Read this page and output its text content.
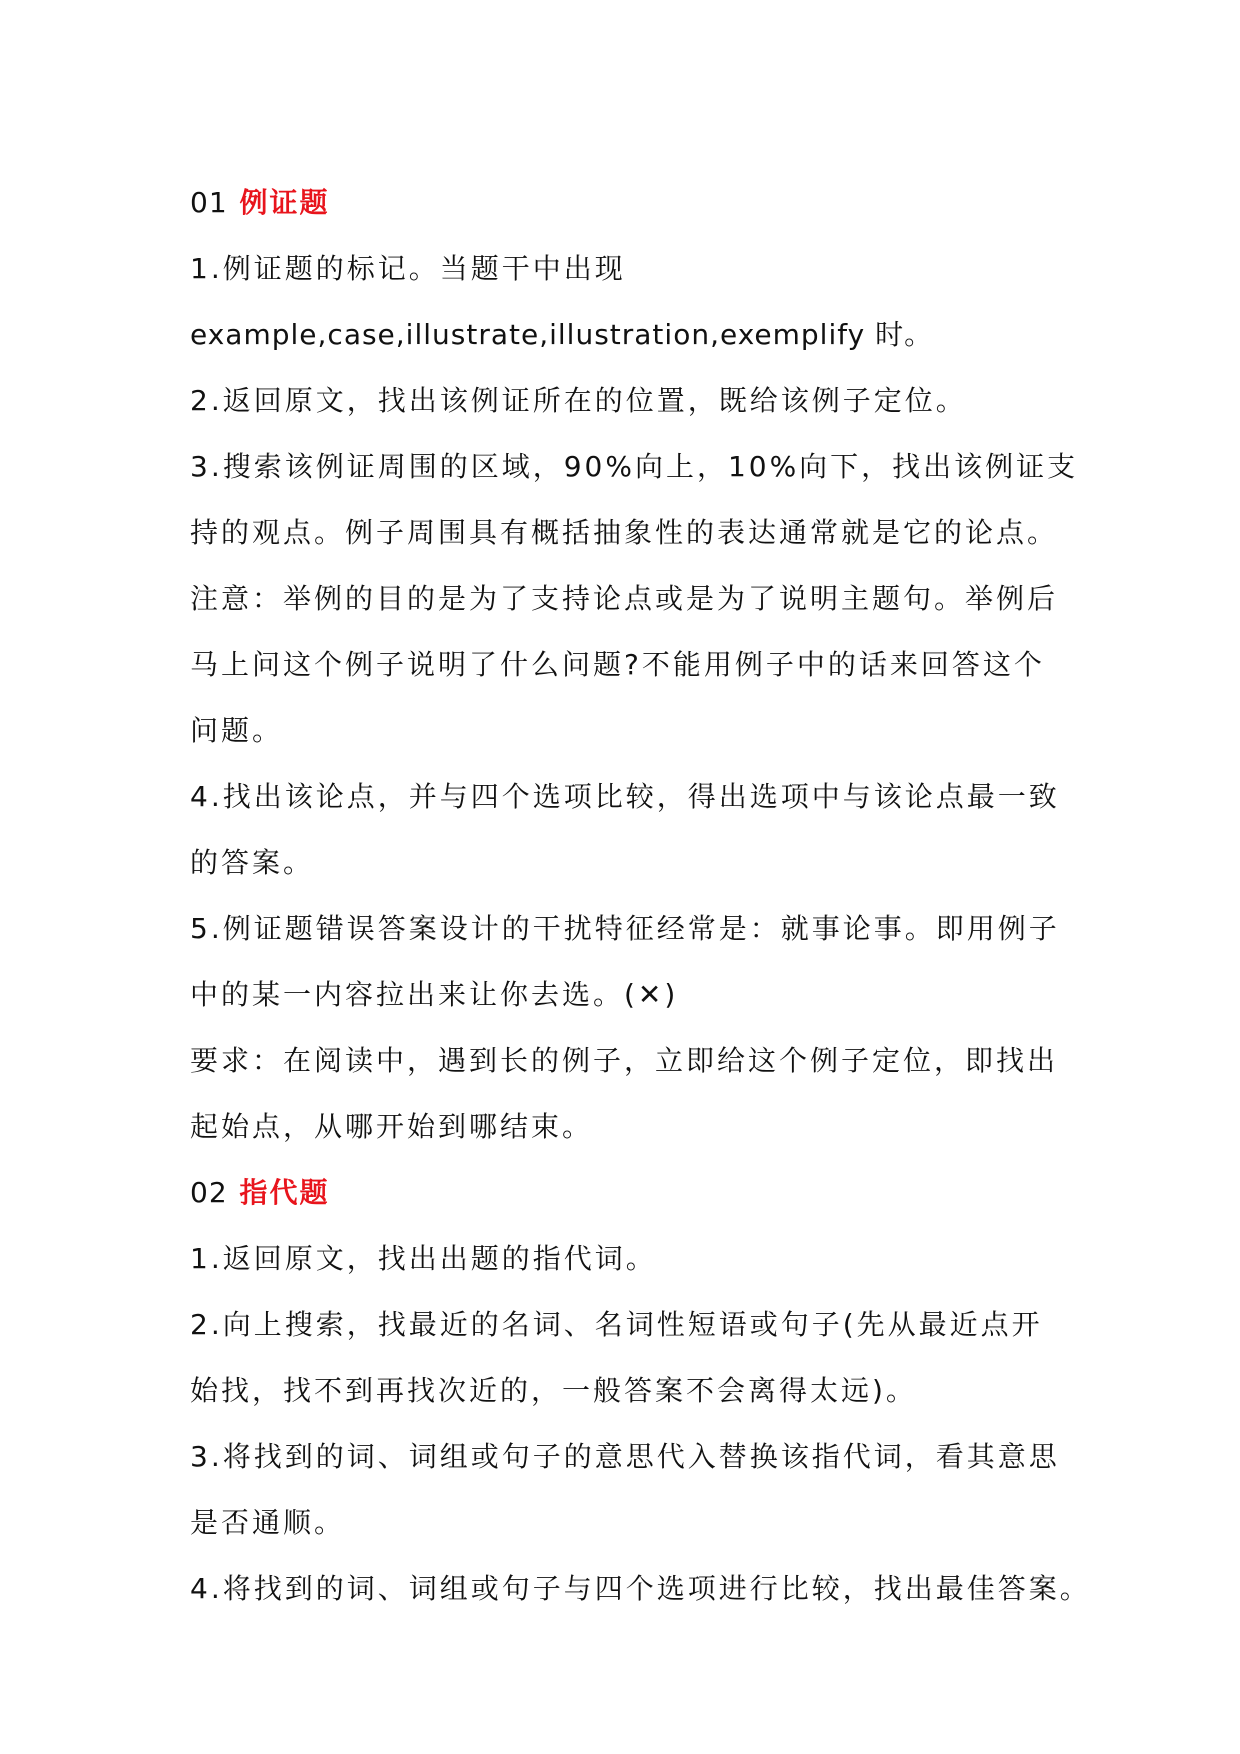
01 例证题
1.例证题的标记。当题干中出现
example,case,illustrate,illustration,exemplify 时。
2.返回原文，找出该例证所在的位置，既给该例子定位。
3.搜索该例证周围的区域，90%向上，10%向下，找出该例证支
持的观点。例子周围具有概括抽象性的表达通常就是它的论点。
注意：举例的目的是为了支持论点或是为了说明主题句。举例后
马上问这个例子说明了什么问题?不能用例子中的话来回答这个
问题。
4.找出该论点，并与四个选项比较，得出选项中与该论点最一致
的答案。
5.例证题错误答案设计的干扰特征经常是：就事论事。即用例子
中的某一内容拉出来让你去选。(✕)
要求：在阅读中，遇到长的例子，立即给这个例子定位，即找出
起始点，从哪开始到哪结束。
02 指代题
1.返回原文，找出出题的指代词。
2.向上搜索，找最近的名词、名词性短语或句子(先从最近点开
始找，找不到再找次近的，一般答案不会离得太远)。
3.将找到的词、词组或句子的意思代入替换该指代词，看其意思
是否通顺。
4.将找到的词、词组或句子与四个选项进行比较，找出最佳答案。
